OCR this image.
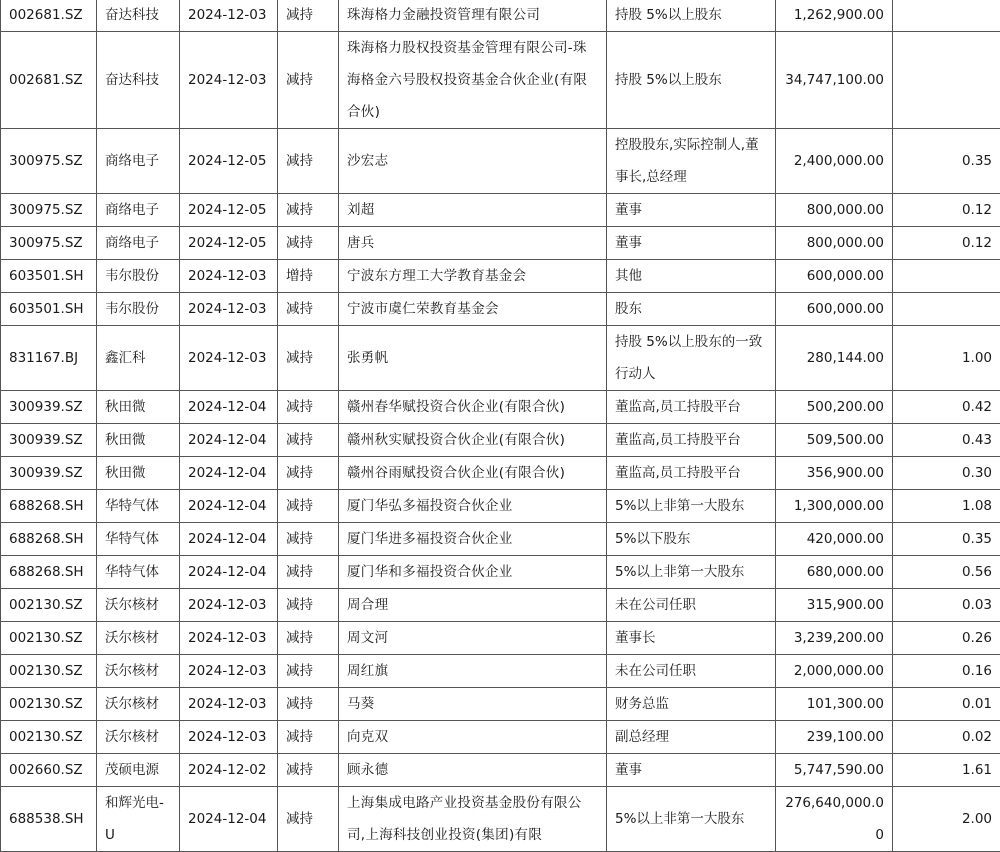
002681.SZ	奋达科技	2024-12-03	减持	珠海格力金融投资管理有限公司	持股 5%以上股东	1,262,900.00	
002681.SZ	奋达科技	2024-12-03	减持	珠海格力股权投资基金管理有限公司-珠海格金六号股权投资基金合伙企业(有限合伙)	持股 5%以上股东	34,747,100.00	
300975.SZ	商络电子	2024-12-05	减持	沙宏志	控股股东,实际控制人,董事长,总经理	2,400,000.00	0.35
300975.SZ	商络电子	2024-12-05	减持	刘超	董事	800,000.00	0.12
300975.SZ	商络电子	2024-12-05	减持	唐兵	董事	800,000.00	0.12
603501.SH	韦尔股份	2024-12-03	增持	宁波东方理工大学教育基金会	其他	600,000.00	
603501.SH	韦尔股份	2024-12-03	减持	宁波市虞仁荣教育基金会	股东	600,000.00	
831167.BJ	鑫汇科	2024-12-03	减持	张勇帆	持股 5%以上股东的一致行动人	280,144.00	1.00
300939.SZ	秋田微	2024-12-04	减持	赣州春华赋投资合伙企业(有限合伙)	董监高,员工持股平台	500,200.00	0.42
300939.SZ	秋田微	2024-12-04	减持	赣州秋实赋投资合伙企业(有限合伙)	董监高,员工持股平台	509,500.00	0.43
300939.SZ	秋田微	2024-12-04	减持	赣州谷雨赋投资合伙企业(有限合伙)	董监高,员工持股平台	356,900.00	0.30
688268.SH	华特气体	2024-12-04	减持	厦门华弘多福投资合伙企业	5%以上非第一大股东	1,300,000.00	1.08
688268.SH	华特气体	2024-12-04	减持	厦门华进多福投资合伙企业	5%以下股东	420,000.00	0.35
688268.SH	华特气体	2024-12-04	减持	厦门华和多福投资合伙企业	5%以上非第一大股东	680,000.00	0.56
002130.SZ	沃尔核材	2024-12-03	减持	周合理	未在公司任职	315,900.00	0.03
002130.SZ	沃尔核材	2024-12-03	减持	周文河	董事长	3,239,200.00	0.26
002130.SZ	沃尔核材	2024-12-03	减持	周红旗	未在公司任职	2,000,000.00	0.16
002130.SZ	沃尔核材	2024-12-03	减持	马葵	财务总监	101,300.00	0.01
002130.SZ	沃尔核材	2024-12-03	减持	向克双	副总经理	239,100.00	0.02
002660.SZ	茂硕电源	2024-12-02	减持	顾永德	董事	5,747,590.00	1.61
688538.SH	和辉光电-U	2024-12-04	减持	上海集成电路产业投资基金股份有限公司,上海科技创业投资(集团)有限	5%以上非第一大股东	276,640,000.00	2.00
